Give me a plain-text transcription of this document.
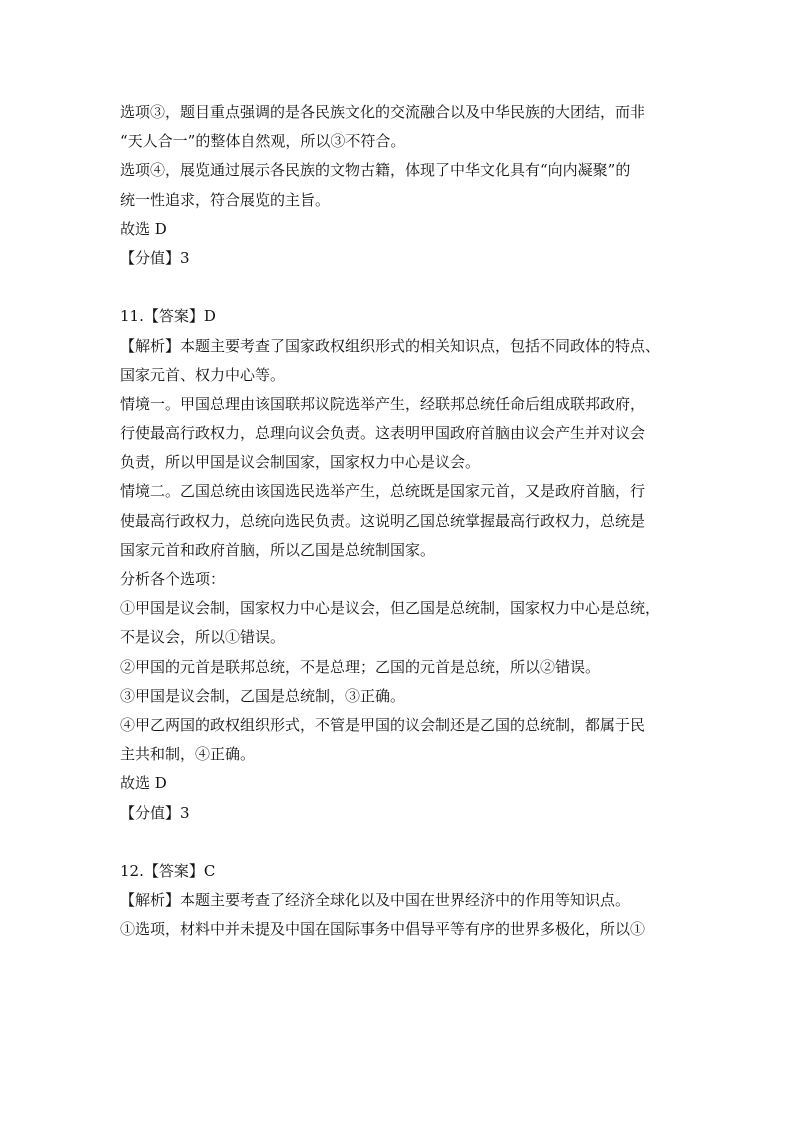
选项③，题目重点强调的是各民族文化的交流融合以及中华民族的大团结，而非
“天人合一”的整体自然观，所以③不符合。
选项④，展览通过展示各民族的文物古籍，体现了中华文化具有“向内凝聚”的
统一性追求，符合展览的主旨。
故选 D
【分值】3
11.【答案】D
【解析】本题主要考查了国家政权组织形式的相关知识点，包括不同政体的特点、
国家元首、权力中心等。
情境一。甲国总理由该国联邦议院选举产生，经联邦总统任命后组成联邦政府，
行使最高行政权力，总理向议会负责。这表明甲国政府首脑由议会产生并对议会
负责，所以甲国是议会制国家，国家权力中心是议会。
情境二。乙国总统由该国选民选举产生，总统既是国家元首，又是政府首脑，行
使最高行政权力，总统向选民负责。这说明乙国总统掌握最高行政权力，总统是
国家元首和政府首脑，所以乙国是总统制国家。
分析各个选项：
①甲国是议会制，国家权力中心是议会，但乙国是总统制，国家权力中心是总统，
不是议会，所以①错误。
②甲国的元首是联邦总统，不是总理；乙国的元首是总统，所以②错误。
③甲国是议会制，乙国是总统制，③正确。
④甲乙两国的政权组织形式，不管是甲国的议会制还是乙国的总统制，都属于民
主共和制，④正确。
故选 D
【分值】3
12.【答案】C
【解析】本题主要考查了经济全球化以及中国在世界经济中的作用等知识点。
①选项，材料中并未提及中国在国际事务中倡导平等有序的世界多极化，所以①
